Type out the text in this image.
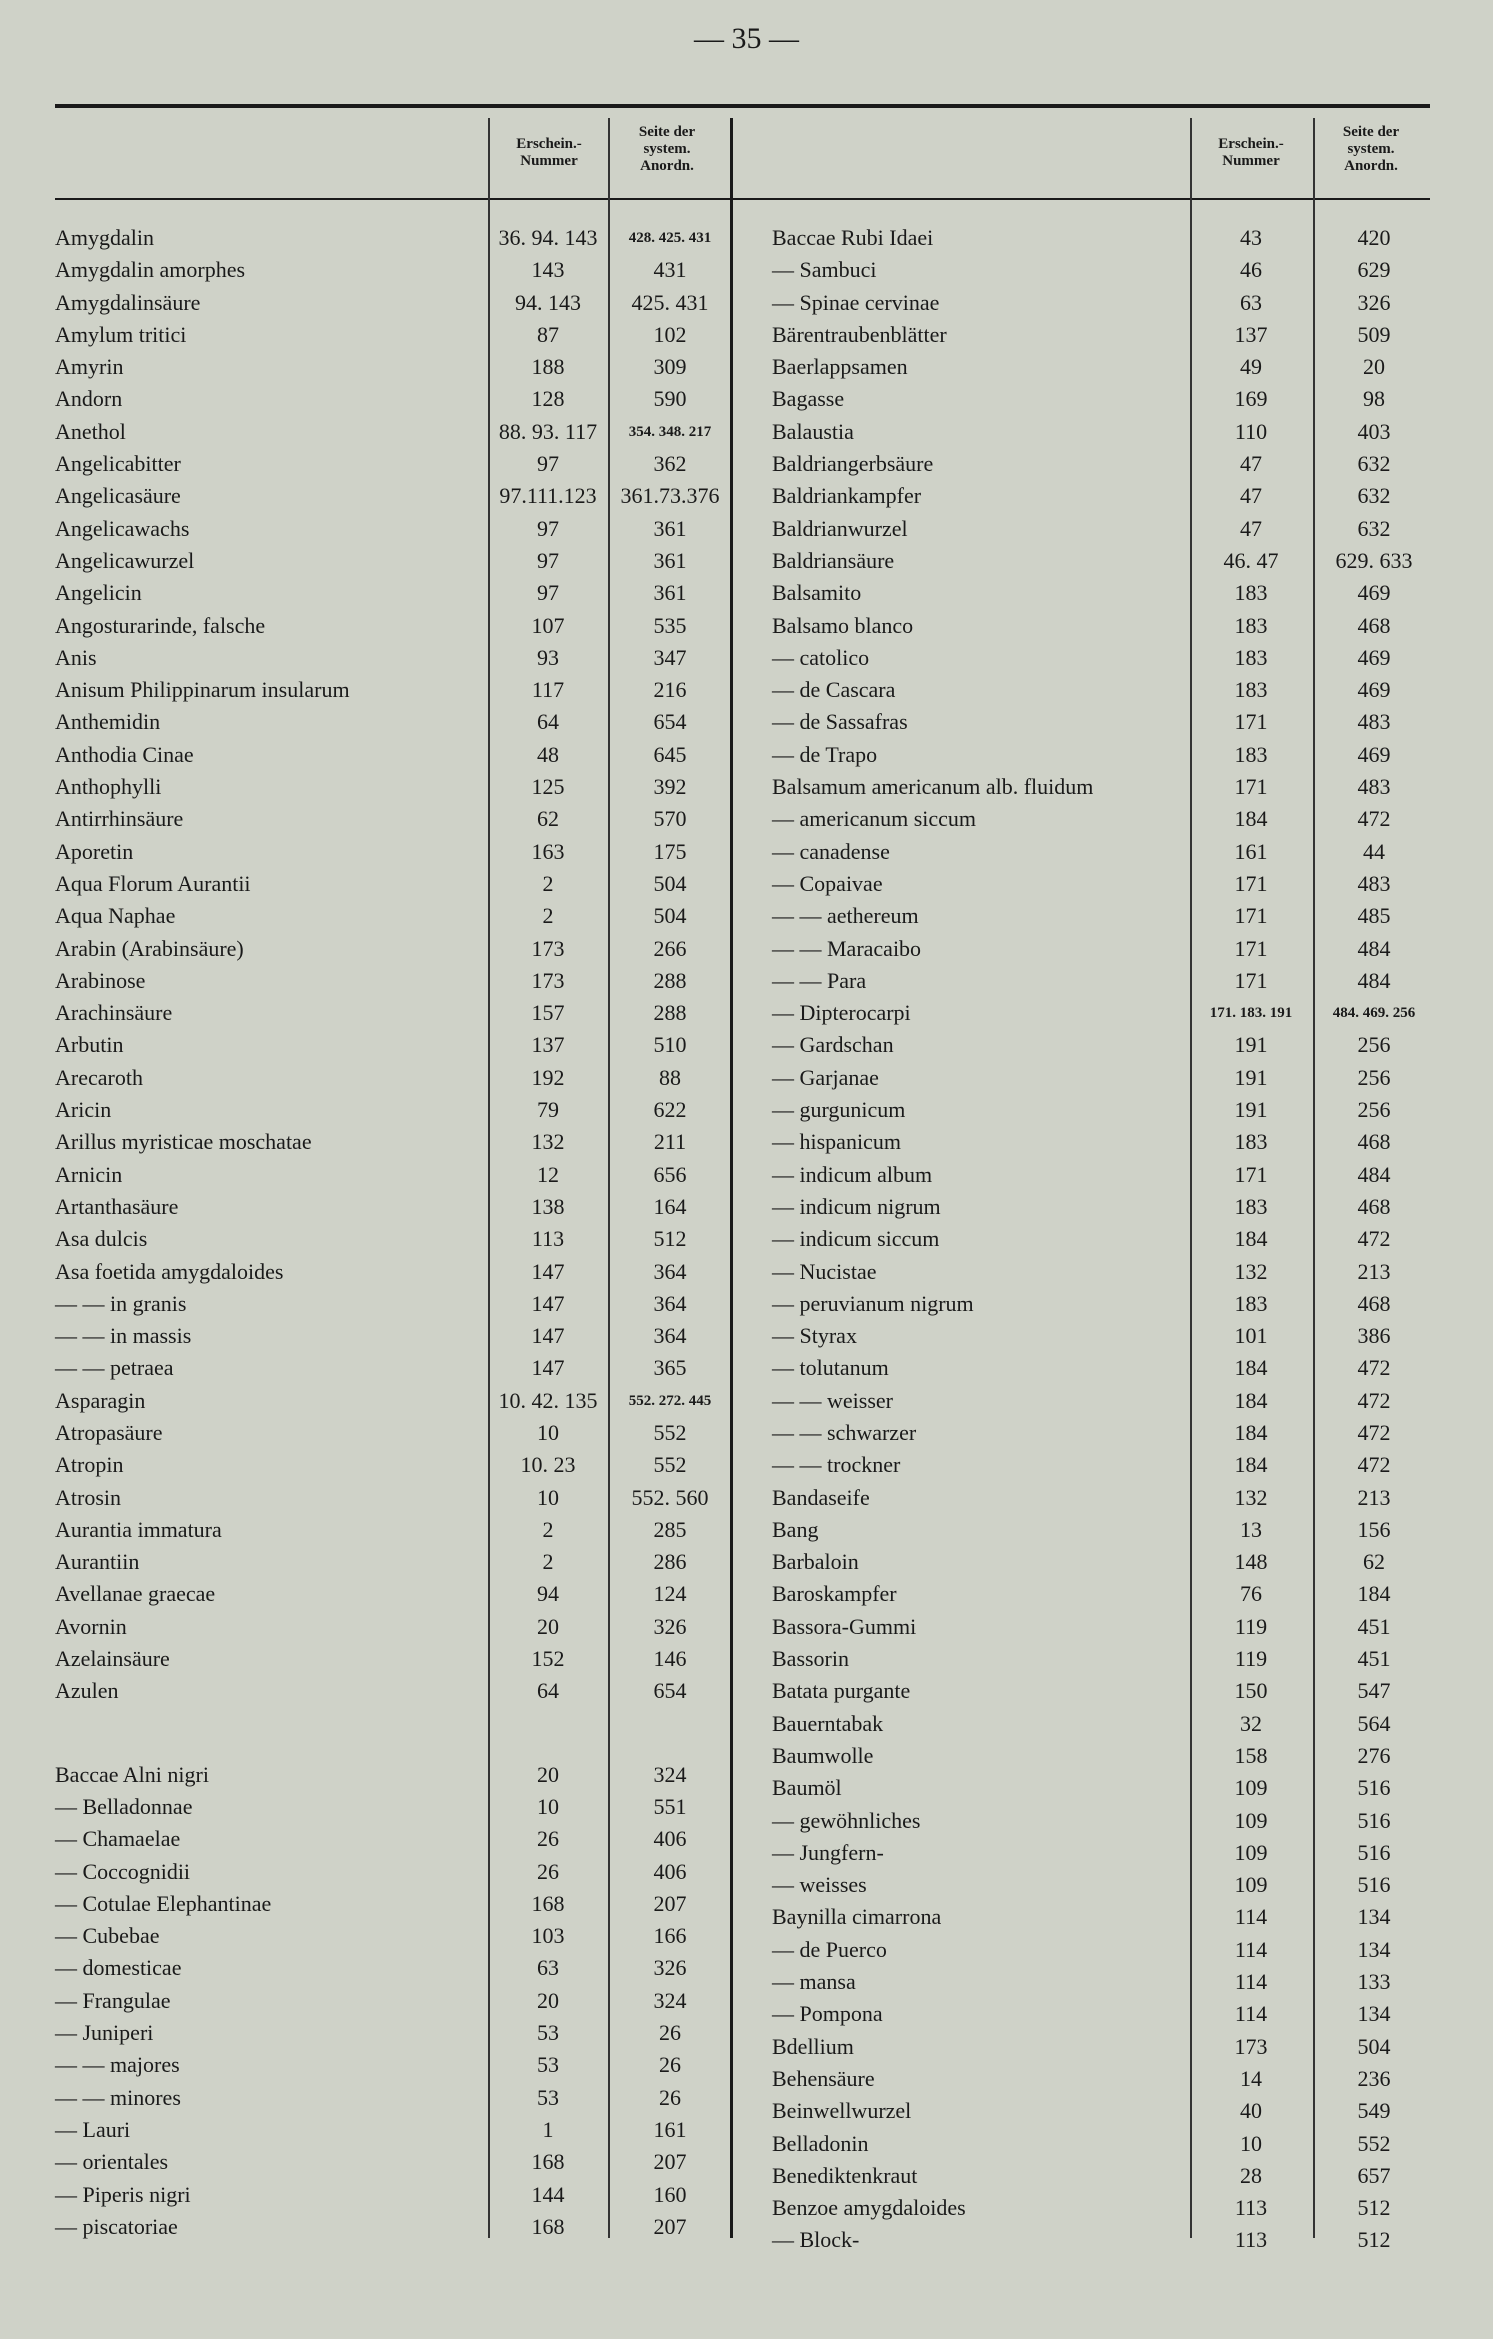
— 35 —
Erschein.-
Nummer
Seite der
system.
Anordn.
Erschein.-
Nummer
Seite der
system.
Anordn.
Amygdalin	36. 94. 143	428. 425. 431
Amygdalin amorphes	143	431
Amygdalinsäure	94. 143	425. 431
Amylum tritici	87	102
Amyrin	188	309
Andorn	128	590
Anethol	88. 93. 117	354. 348. 217
Angelicabitter	97	362
Angelicasäure	97.111.123	361.73.376
Angelicawachs	97	361
Angelicawurzel	97	361
Angelicin	97	361
Angosturarinde, falsche	107	535
Anis	93	347
Anisum Philippinarum insularum	117	216
Anthemidin	64	654
Anthodia Cinae	48	645
Anthophylli	125	392
Antirrhinsäure	62	570
Aporetin	163	175
Aqua Florum Aurantii	2	504
Aqua Naphae	2	504
Arabin (Arabinsäure)	173	266
Arabinose	173	288
Arachinsäure	157	288
Arbutin	137	510
Arecaroth	192	88
Aricin	79	622
Arillus myristicae moschatae	132	211
Arnicin	12	656
Artanthasäure	138	164
Asa dulcis	113	512
Asa foetida amygdaloides	147	364
— — in granis	147	364
— — in massis	147	364
— — petraea	147	365
Asparagin	10. 42. 135	552. 272. 445
Atropasäure	10	552
Atropin	10. 23	552
Atrosin	10	552. 560
Aurantia immatura	2	285
Aurantiin	2	286
Avellanae graecae	94	124
Avornin	20	326
Azelainsäure	152	146
Azulen	64	654
Baccae Alni nigri	20	324
— Belladonnae	10	551
— Chamaelae	26	406
— Coccognidii	26	406
— Cotulae Elephantinae	168	207
— Cubebae	103	166
— domesticae	63	326
— Frangulae	20	324
— Juniperi	53	26
— — majores	53	26
— — minores	53	26
— Lauri	1	161
— orientales	168	207
— Piperis nigri	144	160
— piscatoriae	168	207
Baccae Rubi Idaei	43	420
— Sambuci	46	629
— Spinae cervinae	63	326
Bärentraubenblätter	137	509
Baerlappsamen	49	20
Bagasse	169	98
Balaustia	110	403
Baldriangerbsäure	47	632
Baldriankampfer	47	632
Baldrianwurzel	47	632
Baldriansäure	46. 47	629. 633
Balsamito	183	469
Balsamo blanco	183	468
— catolico	183	469
— de Cascara	183	469
— de Sassafras	171	483
— de Trapo	183	469
Balsamum americanum alb. fluidum	171	483
— americanum siccum	184	472
— canadense	161	44
— Copaivae	171	483
— — aethereum	171	485
— — Maracaibo	171	484
— — Para	171	484
— Dipterocarpi	171. 183. 191	484. 469. 256
— Gardschan	191	256
— Garjanae	191	256
— gurgunicum	191	256
— hispanicum	183	468
— indicum album	171	484
— indicum nigrum	183	468
— indicum siccum	184	472
— Nucistae	132	213
— peruvianum nigrum	183	468
— Styrax	101	386
— tolutanum	184	472
— — weisser	184	472
— — schwarzer	184	472
— — trockner	184	472
Bandaseife	132	213
Bang	13	156
Barbaloin	148	62
Baroskampfer	76	184
Bassora-Gummi	119	451
Bassorin	119	451
Batata purgante	150	547
Bauerntabak	32	564
Baumwolle	158	276
Baumöl	109	516
— gewöhnliches	109	516
— Jungfern-	109	516
— weisses	109	516
Baynilla cimarrona	114	134
— de Puerco	114	134
— mansa	114	133
— Pompona	114	134
Bdellium	173	504
Behensäure	14	236
Beinwellwurzel	40	549
Belladonin	10	552
Benediktenkraut	28	657
Benzoe amygdaloides	113	512
— Block-	113	512
